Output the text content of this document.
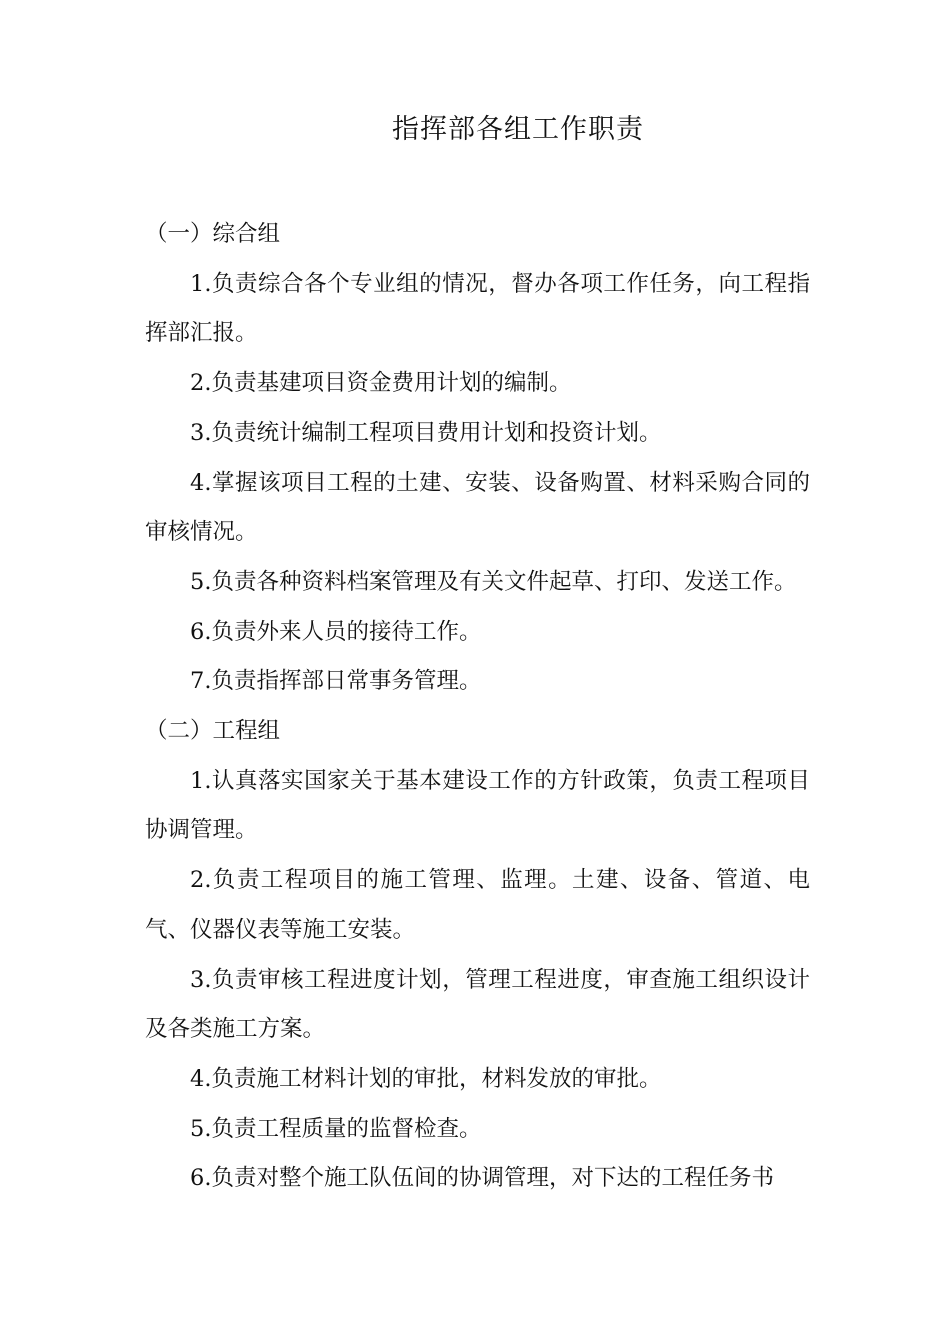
指挥部各组工作职责

（一）综合组

1.负责综合各个专业组的情况，督办各项工作任务，向工程指挥部汇报。

2.负责基建项目资金费用计划的编制。

3.负责统计编制工程项目费用计划和投资计划。

4.掌握该项目工程的土建、安装、设备购置、材料采购合同的审核情况。

5.负责各种资料档案管理及有关文件起草、打印、发送工作。

6.负责外来人员的接待工作。

7.负责指挥部日常事务管理。

（二）工程组

1.认真落实国家关于基本建设工作的方针政策，负责工程项目协调管理。

2.负责工程项目的施工管理、监理。土建、设备、管道、电气、仪器仪表等施工安装。

3.负责审核工程进度计划，管理工程进度，审查施工组织设计及各类施工方案。

4.负责施工材料计划的审批，材料发放的审批。

5.负责工程质量的监督检查。

6.负责对整个施工队伍间的协调管理，对下达的工程任务书
